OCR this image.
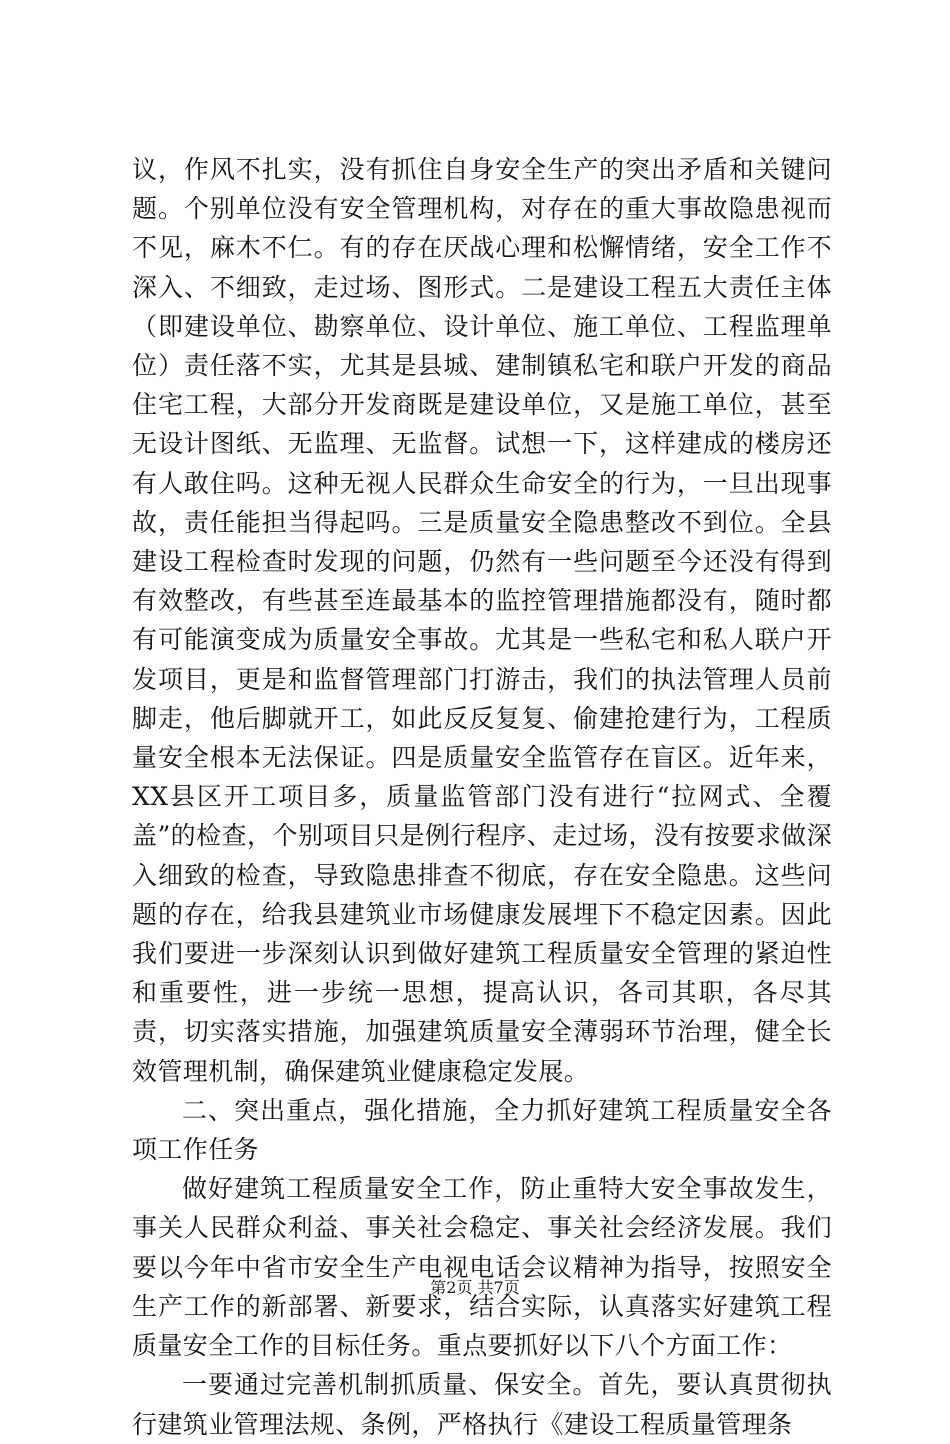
议，作风不扎实，没有抓住自身安全生产的突出矛盾和关键问题。个别单位没有安全管理机构，对存在的重大事故隐患视而不见，麻木不仁。有的存在厌战心理和松懈情绪，安全工作不深入、不细致，走过场、图形式。二是建设工程五大责任主体（即建设单位、勘察单位、设计单位、施工单位、工程监理单位）责任落不实，尤其是县城、建制镇私宅和联户开发的商品住宅工程，大部分开发商既是建设单位，又是施工单位，甚至无设计图纸、无监理、无监督。试想一下，这样建成的楼房还有人敢住吗。这种无视人民群众生命安全的行为，一旦出现事故，责任能担当得起吗。三是质量安全隐患整改不到位。全县建设工程检查时发现的问题，仍然有一些问题至今还没有得到有效整改，有些甚至连最基本的监控管理措施都没有，随时都有可能演变成为质量安全事故。尤其是一些私宅和私人联户开发项目，更是和监督管理部门打游击，我们的执法管理人员前脚走，他后脚就开工，如此反反复复、偷建抢建行为，工程质量安全根本无法保证。四是质量安全监管存在盲区。近年来，XX县区开工项目多，质量监管部门没有进行“拉网式、全覆盖”的检查，个别项目只是例行程序、走过场，没有按要求做深入细致的检查，导致隐患排查不彻底，存在安全隐患。这些问题的存在，给我县建筑业市场健康发展埋下不稳定因素。因此我们要进一步深刻认识到做好建筑工程质量安全管理的紧迫性和重要性，进一步统一思想，提高认识，各司其职，各尽其责，切实落实措施，加强建筑质量安全薄弱环节治理，健全长效管理机制，确保建筑业健康稳定发展。

二、突出重点，强化措施，全力抓好建筑工程质量安全各项工作任务

做好建筑工程质量安全工作，防止重特大安全事故发生，事关人民群众利益、事关社会稳定、事关社会经济发展。我们要以今年中省市安全生产电视电话会议精神为指导，按照安全生产工作的新部署、新要求，结合实际，认真落实好建筑工程质量安全工作的目标任务。重点要抓好以下八个方面工作：

一要通过完善机制抓质量、保安全。首先，要认真贯彻执行建筑业管理法规、条例，严格执行《建设工程质量管理条

第2页 共7页
